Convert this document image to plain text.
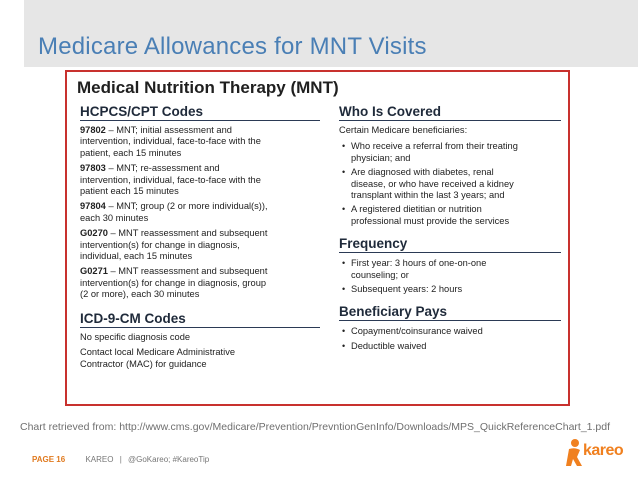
Medicare Allowances for MNT Visits
Medical Nutrition Therapy (MNT)
HCPCS/CPT Codes
97802 – MNT; initial assessment and
intervention, individual, face-to-face with the
patient, each 15 minutes
97803 – MNT; re-assessment and
intervention, individual, face-to-face with the
patient each 15 minutes
97804 – MNT; group (2 or more individual(s)),
each 30 minutes
G0270 – MNT reassessment and subsequent
intervention(s) for change in diagnosis,
individual, each 15 minutes
G0271 – MNT reassessment and subsequent
intervention(s) for change in diagnosis, group
(2 or more), each 30 minutes
ICD-9-CM Codes
No specific diagnosis code
Contact local Medicare Administrative
Contractor (MAC) for guidance
Who Is Covered
Certain Medicare beneficiaries:
• Who receive a referral from their treating
physician; and
• Are diagnosed with diabetes, renal
disease, or who have received a kidney
transplant within the last 3 years; and
• A registered dietitian or nutrition
professional must provide the services
Frequency
• First year: 3 hours of one-on-one
counseling; or
• Subsequent years: 2 hours
Beneficiary Pays
• Copayment/coinsurance waived
• Deductible waived
Chart retrieved from: http://www.cms.gov/Medicare/Prevention/PrevntionGenInfo/Downloads/MPS_QuickReferenceChart_1.pdf
PAGE 16	KAREO | @GoKareo; #KareoTip
kareo
